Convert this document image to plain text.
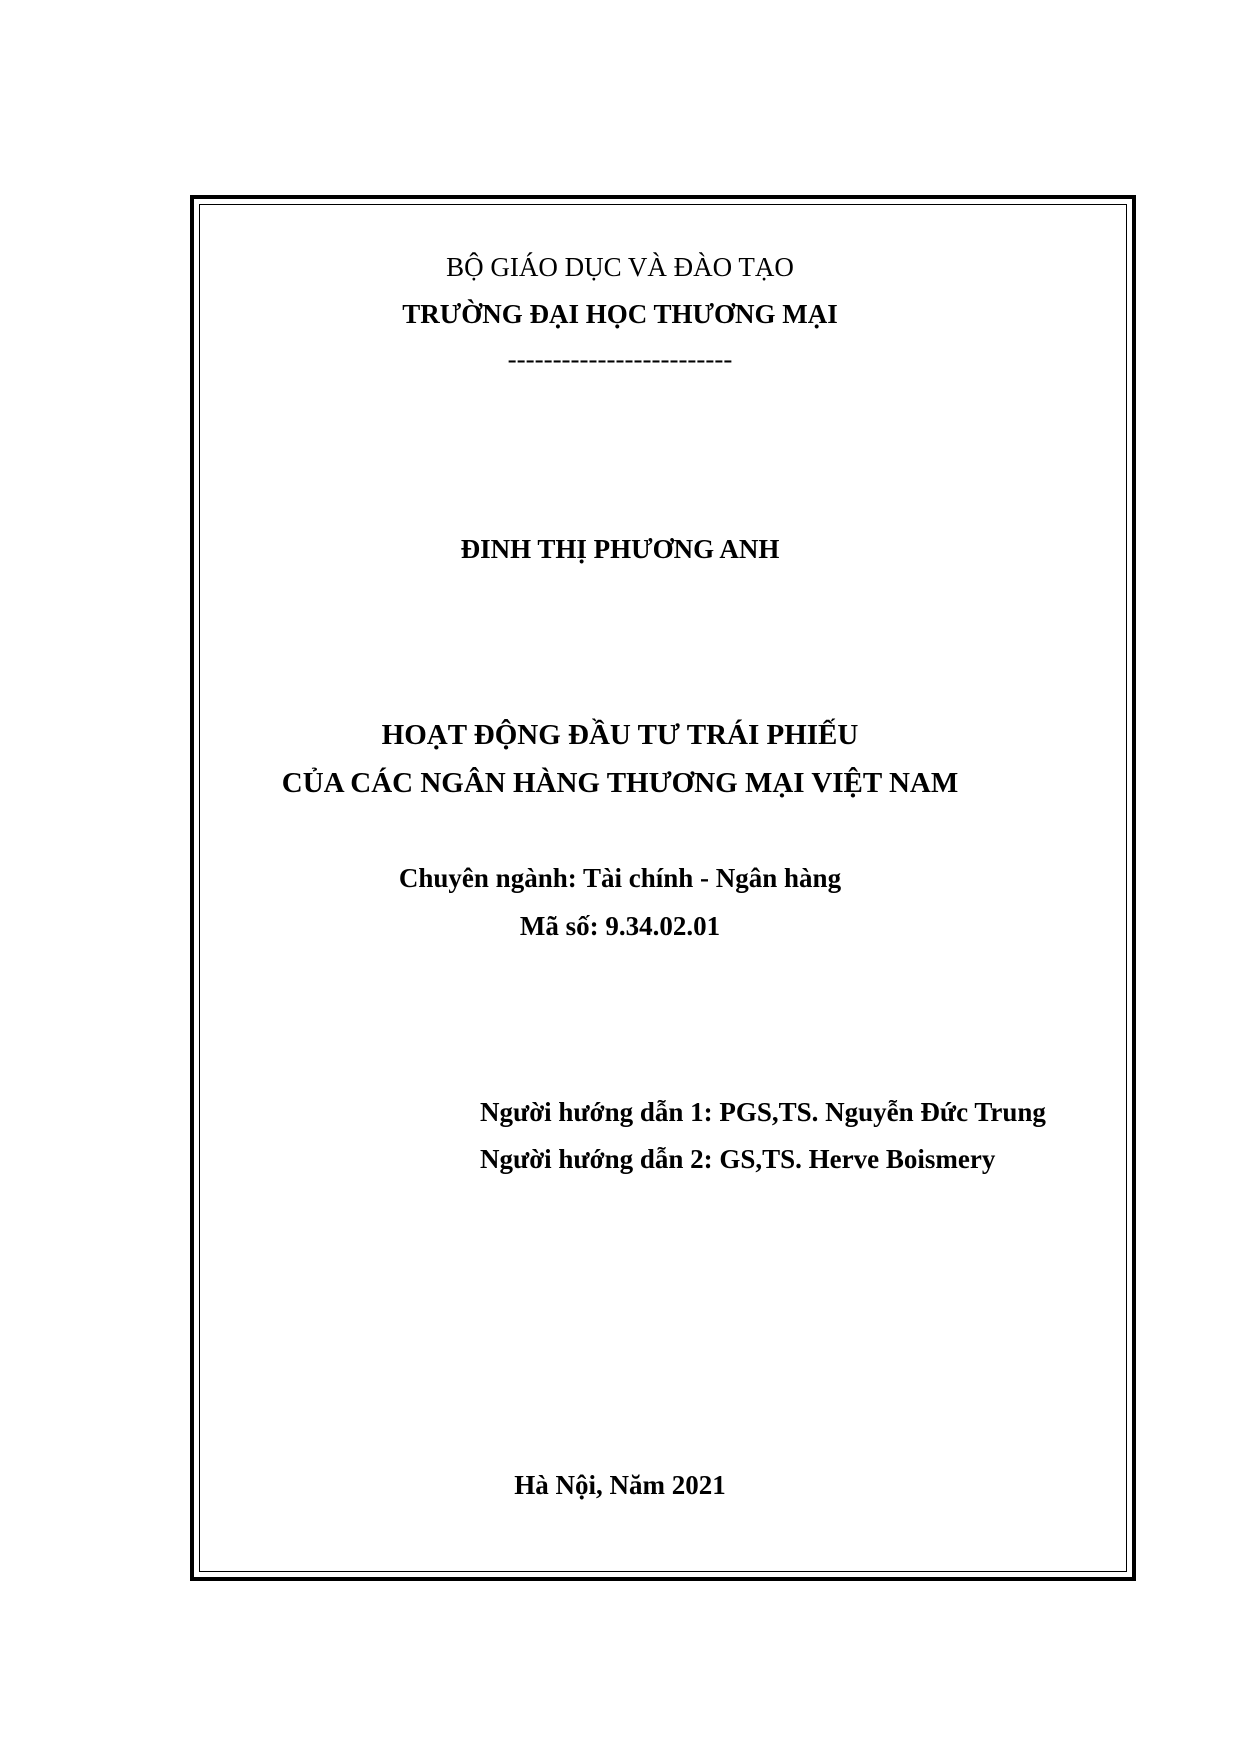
BỘ GIÁO DỤC VÀ ĐÀO TẠO
TRƯỜNG ĐẠI HỌC THƯƠNG MẠI
-------------------------
ĐINH THỊ PHƯƠNG ANH
HOẠT ĐỘNG ĐẦU TƯ TRÁI PHIẾU
CỦA CÁC NGÂN HÀNG THƯƠNG MẠI VIỆT NAM
Chuyên ngành: Tài chính - Ngân hàng
Mã số: 9.34.02.01
Người hướng dẫn 1: PGS,TS. Nguyễn Đức Trung
Người hướng dẫn 2: GS,TS. Herve Boismery
Hà Nội, Năm 2021
